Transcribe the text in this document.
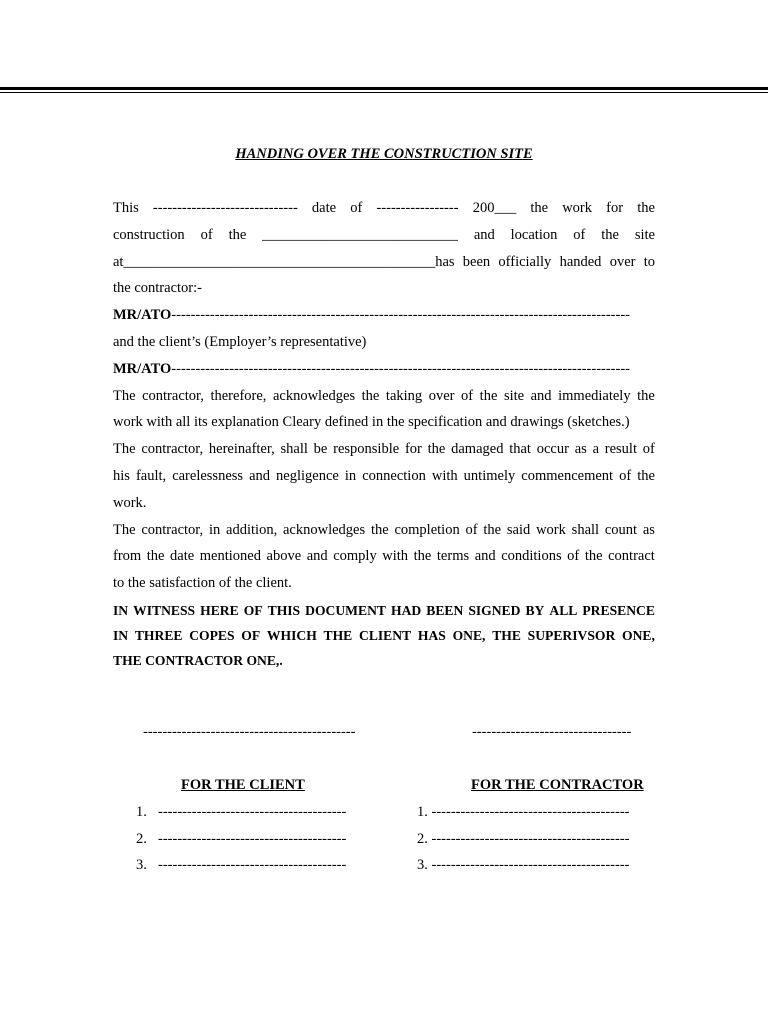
HANDING OVER THE CONSTRUCTION SITE
This ------------------------------ date of ----------------- 200___ the work for the
construction of the ___________________________ and location of the site
at___________________________________________has been officially handed over to
the contractor:-
MR/ATO-----------------------------------------------------------------------------------------------
and the client’s (Employer’s representative)
MR/ATO-----------------------------------------------------------------------------------------------
The contractor, therefore, acknowledges the taking over of the site and immediately the
work with all its explanation Cleary defined in the specification and drawings (sketches.)
The contractor, hereinafter, shall be responsible for the damaged that occur as a result of
his fault, carelessness and negligence in connection with untimely commencement of the
work.
The contractor, in addition, acknowledges the completion of the said work shall count as
from the date mentioned above and comply with the terms and conditions of the contract
to the satisfaction of the client.
IN WITNESS HERE OF THIS DOCUMENT HAD BEEN SIGNED BY ALL PRESENCE
IN THREE COPES OF WHICH THE CLIENT HAS ONE, THE SUPERIVSOR ONE,
THE CONTRACTOR ONE,.
--------------------------------------------	---------------------------------
FOR THE CLIENT	FOR THE CONTRACTOR
1. ---------------------------------------
2. ---------------------------------------
3. ---------------------------------------
1. -----------------------------------------
2. -----------------------------------------
3. -----------------------------------------
